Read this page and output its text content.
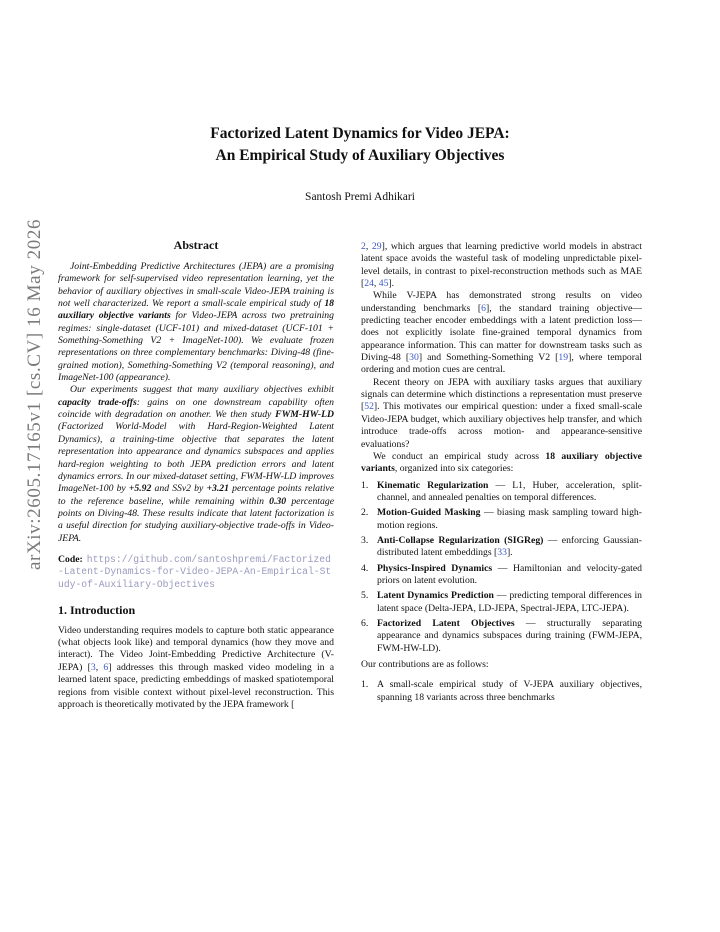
Factorized Latent Dynamics for Video JEPA:
An Empirical Study of Auxiliary Objectives
Santosh Premi Adhikari
arXiv:2605.17165v1 [cs.CV] 16 May 2026	Abstract

Joint-Embedding Predictive Architectures (JEPA) are a promising framework for self-supervised video representation learning, yet the behavior of auxiliary objectives in small-scale Video-JEPA training is not well characterized. We report a small-scale empirical study of 18 auxiliary objective variants for Video-JEPA across two pretraining regimes: single-dataset (UCF-101) and mixed-dataset (UCF-101 + Something-Something V2 + ImageNet-100). We evaluate frozen representations on three complementary benchmarks: Diving-48 (fine-grained motion), Something-Something V2 (temporal reasoning), and ImageNet-100 (appearance).

Our experiments suggest that many auxiliary objectives exhibit capacity trade-offs: gains on one downstream capability often coincide with degradation on another. We then study FWM-HW-LD (Factorized World-Model with Hard-Region-Weighted Latent Dynamics), a training-time objective that separates the latent representation into appearance and dynamics subspaces and applies hard-region weighting to both JEPA prediction errors and latent dynamics errors. In our mixed-dataset setting, FWM-HW-LD improves ImageNet-100 by +5.92 and SSv2 by +3.21 percentage points relative to the reference baseline, while remaining within 0.30 percentage points on Diving-48. These results indicate that latent factorization is a useful direction for studying auxiliary-objective trade-offs in Video-JEPA.

Code: https://github.com/santoshpremi/Factorized-Latent-Dynamics-for-Video-JEPA-An-Empirical-Study-of-Auxiliary-Objectives
1. Introduction

Video understanding requires models to capture both static appearance (what objects look like) and temporal dynamics (how they move and interact). The Video Joint-Embedding Predictive Architecture (V-JEPA) [3, 6] addresses this through masked video modeling in a learned latent space, predicting embeddings of masked spatiotemporal regions from visible context without pixel-level reconstruction. This approach is theoretically motivated by the JEPA framework [

2, 29], which argues that learning predictive world models in abstract latent space avoids the wasteful task of modeling unpredictable pixel-level details, in contrast to pixel-reconstruction methods such as MAE [24, 45].

While V-JEPA has demonstrated strong results on video understanding benchmarks [6], the standard training objective—predicting teacher encoder embeddings with a latent prediction loss—does not explicitly isolate fine-grained temporal dynamics from appearance information. This can matter for downstream tasks such as Diving-48 [30] and Something-Something V2 [19], where temporal ordering and motion cues are central.

Recent theory on JEPA with auxiliary tasks argues that auxiliary signals can determine which distinctions a representation must preserve [52]. This motivates our empirical question: under a fixed small-scale Video-JEPA budget, which auxiliary objectives help transfer, and which introduce trade-offs across motion- and appearance-sensitive evaluations?

We conduct an empirical study across 18 auxiliary objective variants, organized into six categories:

1. Kinematic Regularization — L1, Huber, acceleration, split-channel, and annealed penalties on temporal differences.
2. Motion-Guided Masking — biasing mask sampling toward high-motion regions.
3. Anti-Collapse Regularization (SIGReg) — enforcing Gaussian-distributed latent embeddings [33].
4. Physics-Inspired Dynamics — Hamiltonian and velocity-gated priors on latent evolution.
5. Latent Dynamics Prediction — predicting temporal differences in latent space (Delta-JEPA, LD-JEPA, Spectral-JEPA, LTC-JEPA).
6. Factorized Latent Objectives — structurally separating appearance and dynamics subspaces during training (FWM-JEPA, FWM-HW-LD).

Our contributions are as follows:

1. A small-scale empirical study of V-JEPA auxiliary objectives, spanning 18 variants across three benchmarks
